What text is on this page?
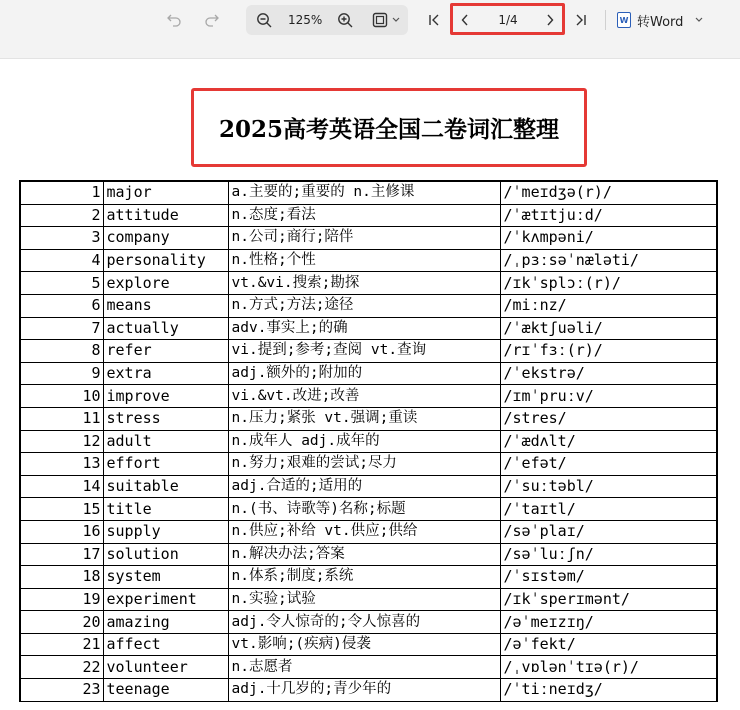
125%	1/4	W 转Word
2025高考英语全国二卷词汇整理
1	major	a.主要的;重要的 n.主修课	/ˈmeɪdʒə(r)/
2	attitude	n.态度;看法	/ˈætɪtjuːd/
3	company	n.公司;商行;陪伴	/ˈkʌmpəni/
4	personality	n.性格;个性	/ˌpɜːsəˈnæləti/
5	explore	vt.&vi.搜索;勘探	/ɪkˈsplɔː(r)/
6	means	n.方式;方法;途径	/miːnz/
7	actually	adv.事实上;的确	/ˈæktʃuəli/
8	refer	vi.提到;参考;查阅 vt.查询	/rɪˈfɜː(r)/
9	extra	adj.额外的;附加的	/ˈekstrə/
10	improve	vi.&vt.改进;改善	/ɪmˈpruːv/
11	stress	n.压力;紧张 vt.强调;重读	/stres/
12	adult	n.成年人 adj.成年的	/ˈædʌlt/
13	effort	n.努力;艰难的尝试;尽力	/ˈefət/
14	suitable	adj.合适的;适用的	/ˈsuːtəbl/
15	title	n.(书、诗歌等)名称;标题	/ˈtaɪtl/
16	supply	n.供应;补给 vt.供应;供给	/səˈplaɪ/
17	solution	n.解决办法;答案	/səˈluːʃn/
18	system	n.体系;制度;系统	/ˈsɪstəm/
19	experiment	n.实验;试验	/ɪkˈsperɪmənt/
20	amazing	adj.令人惊奇的;令人惊喜的	/əˈmeɪzɪŋ/
21	affect	vt.影响;(疾病)侵袭	/əˈfekt/
22	volunteer	n.志愿者	/ˌvɒlənˈtɪə(r)/
23	teenage	adj.十几岁的;青少年的	/ˈtiːneɪdʒ/
